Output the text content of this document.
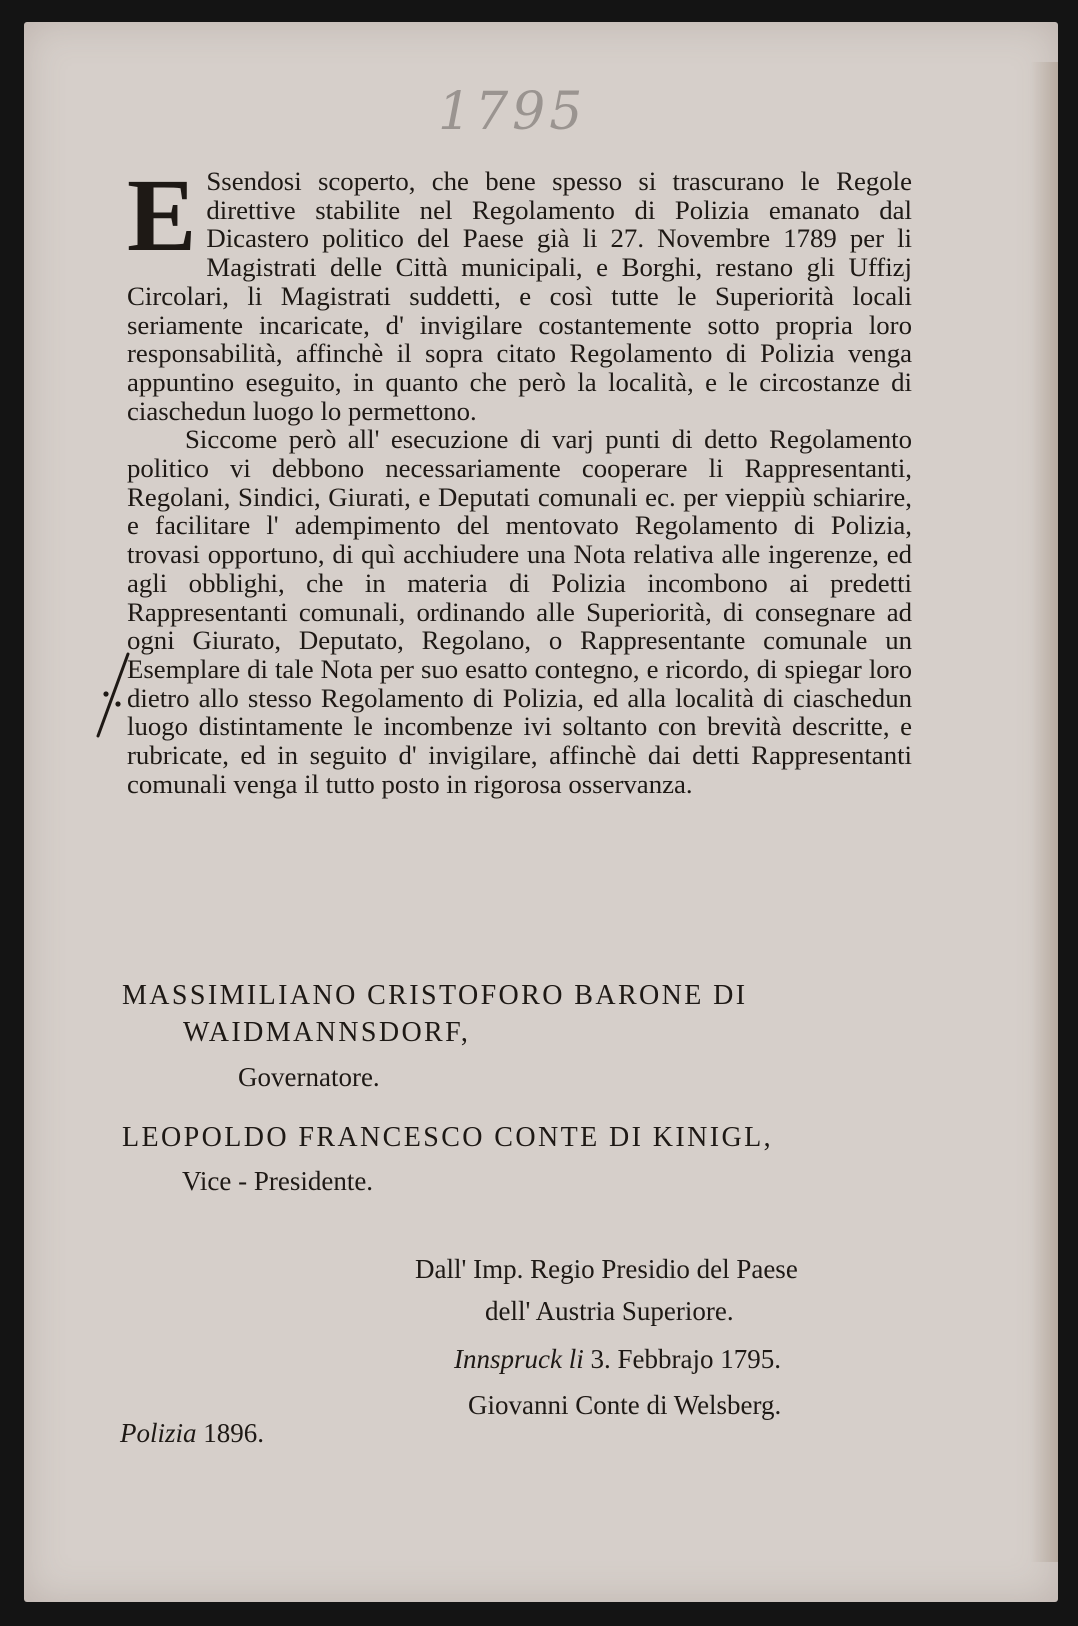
1795

E Ssendosi scoperto, che bene spesso si trascurano le Regole direttive stabilite nel Regolamento di Polizia emanato dal Dicastero politico del Paese già li 27. Novembre 1789 per li Magistrati delle Città municipali, e Borghi, restano gli Uffizj Circolari, li Magistrati suddetti, e così tutte le Superiorità locali seriamente incaricate, d' invigilare costantemente sotto propria loro responsabilità, affinchè il sopra citato Regolamento di Polizia venga appuntino eseguito, in quanto che però la località, e le circostanze di ciaschedun luogo lo permettono.

Siccome però all' esecuzione di varj punti di detto Regolamento politico vi debbono necessariamente cooperare li Rappresentanti, Regolani, Sindici, Giurati, e Deputati comunali ec. per vieppiù schiarire, e facilitare l' adempimento del mentovato Regolamento di Polizia, trovasi opportuno, di quì acchiudere una Nota relativa alle ingerenze, ed agli obblighi, che in materia di Polizia incombono ai predetti Rappresentanti comunali, ordinando alle Superiorità, di consegnare ad ogni Giurato, Deputato, Regolano, o Rappresentante comunale un Esemplare di tale Nota per suo esatto contegno, e ricordo, di spiegar loro dietro allo stesso Regolamento di Polizia, ed alla località di ciaschedun luogo distintamente le incombenze ivi soltanto con brevità descritte, e rubricate, ed in seguito d' invigilare, affinchè dai detti Rappresentanti comunali venga il tutto posto in rigorosa osservanza.

MASSIMILIANO CRISTOFORO BARONE DI
WAIDMANNSDORF,
Governatore.
LEOPOLDO FRANCESCO CONTE DI KINIGL,
Vice - Presidente.
Dall' Imp. Regio Presidio del Paese
dell' Austria Superiore.
Innspruck li 3. Febbrajo 1795.
Giovanni Conte di Welsberg.
Polizia 1896.
